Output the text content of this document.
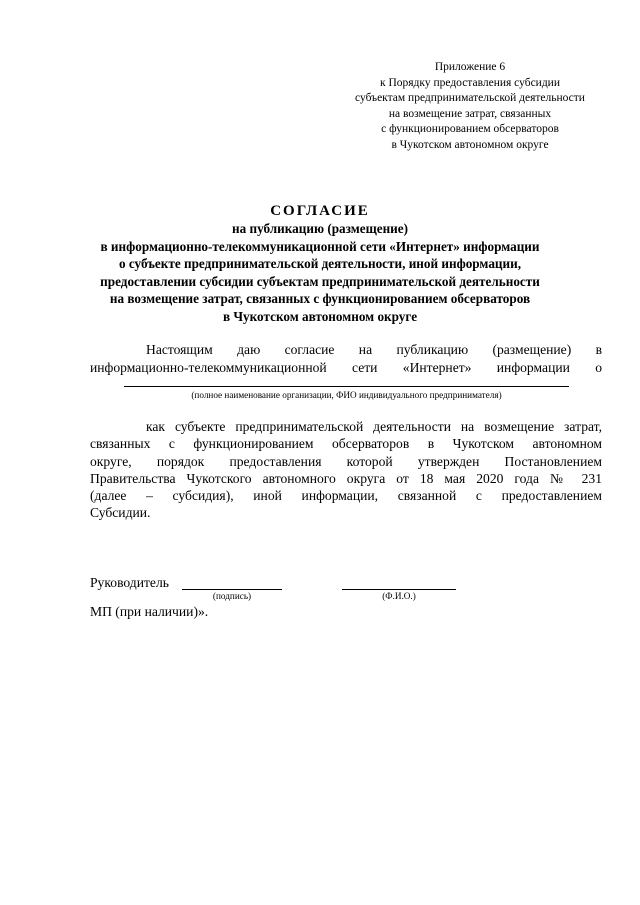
Приложение 6
к Порядку предоставления субсидии
субъектам предпринимательской деятельности
на возмещение затрат, связанных
с функционированием обсерваторов
в Чукотском автономном округе
СОГЛАСИЕ
на публикацию (размещение)
в информационно-телекоммуникационной сети «Интернет» информации
о субъекте предпринимательской деятельности, иной информации,
предоставлении субсидии субъектам предпринимательской деятельности
на возмещение затрат, связанных с функционированием обсерваторов
в Чукотском автономном округе
Настоящим даю согласие на публикацию (размещение) в
информационно-телекоммуникационной сети «Интернет» информации о
(полное наименование организации, ФИО индивидуального предпринимателя)
как субъекте предпринимательской деятельности на возмещение затрат,
связанных с функционированием обсерваторов в Чукотском автономном
округе, порядок предоставления которой утвержден Постановлением
Правительства Чукотского автономного округа от 18 мая 2020 года № 231
(далее – субсидия), иной информации, связанной с предоставлением
Субсидии.
Руководитель
(подпись)	(Ф.И.О.)
МП (при наличии)».
